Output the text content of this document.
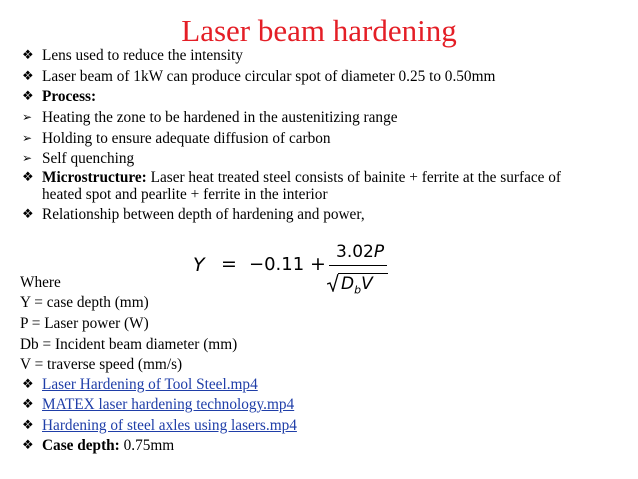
Laser beam hardening
❖ Lens used to reduce the intensity
❖ Laser beam of 1kW can produce circular spot of diameter 0.25 to 0.50mm
❖ Process:
➢ Heating the zone to be hardened in the austenitizing range
➢ Holding to ensure adequate diffusion of carbon
➢ Self quenching
❖ Microstructure: Laser heat treated steel consists of bainite + ferrite at the surface of
heated spot and pearlite + ferrite in the interior
❖ Relationship between depth of hardening and power,
Y = −0.11 +
3.02P
$D_bV$
Where
Y = case depth (mm)
P = Laser power (W)
Db = Incident beam diameter (mm)
V = traverse speed (mm/s)
❖ Laser Hardening of Tool Steel.mp4
❖ MATEX laser hardening technology.mp4
❖ Hardening of steel axles using lasers.mp4
❖ Case depth: 0.75mm
